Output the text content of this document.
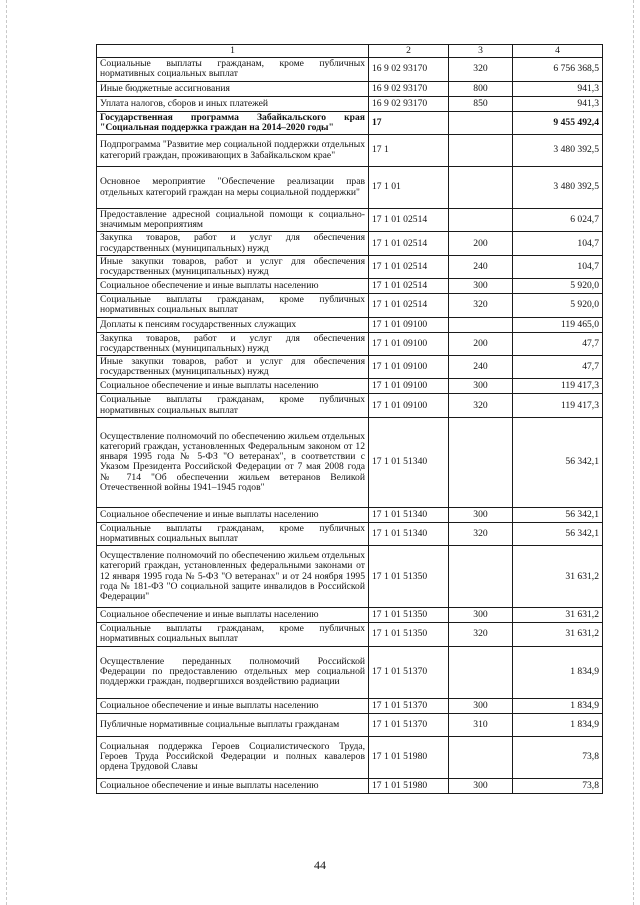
1	2	3	4
Социальные выплаты гражданам, кроме публичных нормативных социальных выплат	16 9 02 93170	320	6 756 368,5
Иные бюджетные ассигнования	16 9 02 93170	800	941,3
Уплата налогов, сборов и иных платежей	16 9 02 93170	850	941,3
Государственная программа Забайкальского края "Социальная поддержка граждан на 2014–2020 годы"	17		9 455 492,4
Подпрограмма "Развитие мер социальной поддержки отдельных категорий граждан, проживающих в Забайкальском крае"	17 1		3 480 392,5
Основное мероприятие "Обеспечение реализации прав отдельных категорий граждан на меры социальной поддержки"	17 1 01		3 480 392,5
Предоставление адресной социальной помощи к социально-значимым мероприятиям	17 1 01 02514		6 024,7
Закупка товаров, работ и услуг для обеспечения государственных (муниципальных) нужд	17 1 01 02514	200	104,7
Иные закупки товаров, работ и услуг для обеспечения государственных (муниципальных) нужд	17 1 01 02514	240	104,7
Социальное обеспечение и иные выплаты населению	17 1 01 02514	300	5 920,0
Социальные выплаты гражданам, кроме публичных нормативных социальных выплат	17 1 01 02514	320	5 920,0
Доплаты к пенсиям государственных служащих	17 1 01 09100		119 465,0
Закупка товаров, работ и услуг для обеспечения государственных (муниципальных) нужд	17 1 01 09100	200	47,7
Иные закупки товаров, работ и услуг для обеспечения государственных (муниципальных) нужд	17 1 01 09100	240	47,7
Социальное обеспечение и иные выплаты населению	17 1 01 09100	300	119 417,3
Социальные выплаты гражданам, кроме публичных нормативных социальных выплат	17 1 01 09100	320	119 417,3
Осуществление полномочий по обеспечению жильем отдельных категорий граждан, установленных Федеральным законом от 12 января 1995 года № 5-ФЗ "О ветеранах", в соответствии с Указом Президента Российской Федерации от 7 мая 2008 года № 714 "Об обеспечении жильем ветеранов Великой Отечественной войны 1941–1945 годов"	17 1 01 51340		56 342,1
Социальное обеспечение и иные выплаты населению	17 1 01 51340	300	56 342,1
Социальные выплаты гражданам, кроме публичных нормативных социальных выплат	17 1 01 51340	320	56 342,1
Осуществление полномочий по обеспечению жильем отдельных категорий граждан, установленных федеральными законами от 12 января 1995 года № 5-ФЗ "О ветеранах" и от 24 ноября 1995 года № 181-ФЗ "О социальной защите инвалидов в Российской Федерации"	17 1 01 51350		31 631,2
Социальное обеспечение и иные выплаты населению	17 1 01 51350	300	31 631,2
Социальные выплаты гражданам, кроме публичных нормативных социальных выплат	17 1 01 51350	320	31 631,2
Осуществление переданных полномочий Российской Федерации по предоставлению отдельных мер социальной поддержки граждан, подвергшихся воздействию радиации	17 1 01 51370		1 834,9
Социальное обеспечение и иные выплаты населению	17 1 01 51370	300	1 834,9
Публичные нормативные социальные выплаты гражданам	17 1 01 51370	310	1 834,9
Социальная поддержка Героев Социалистического Труда, Героев Труда Российской Федерации и полных кавалеров ордена Трудовой Славы	17 1 01 51980		73,8
Социальное обеспечение и иные выплаты населению	17 1 01 51980	300	73,8
44
